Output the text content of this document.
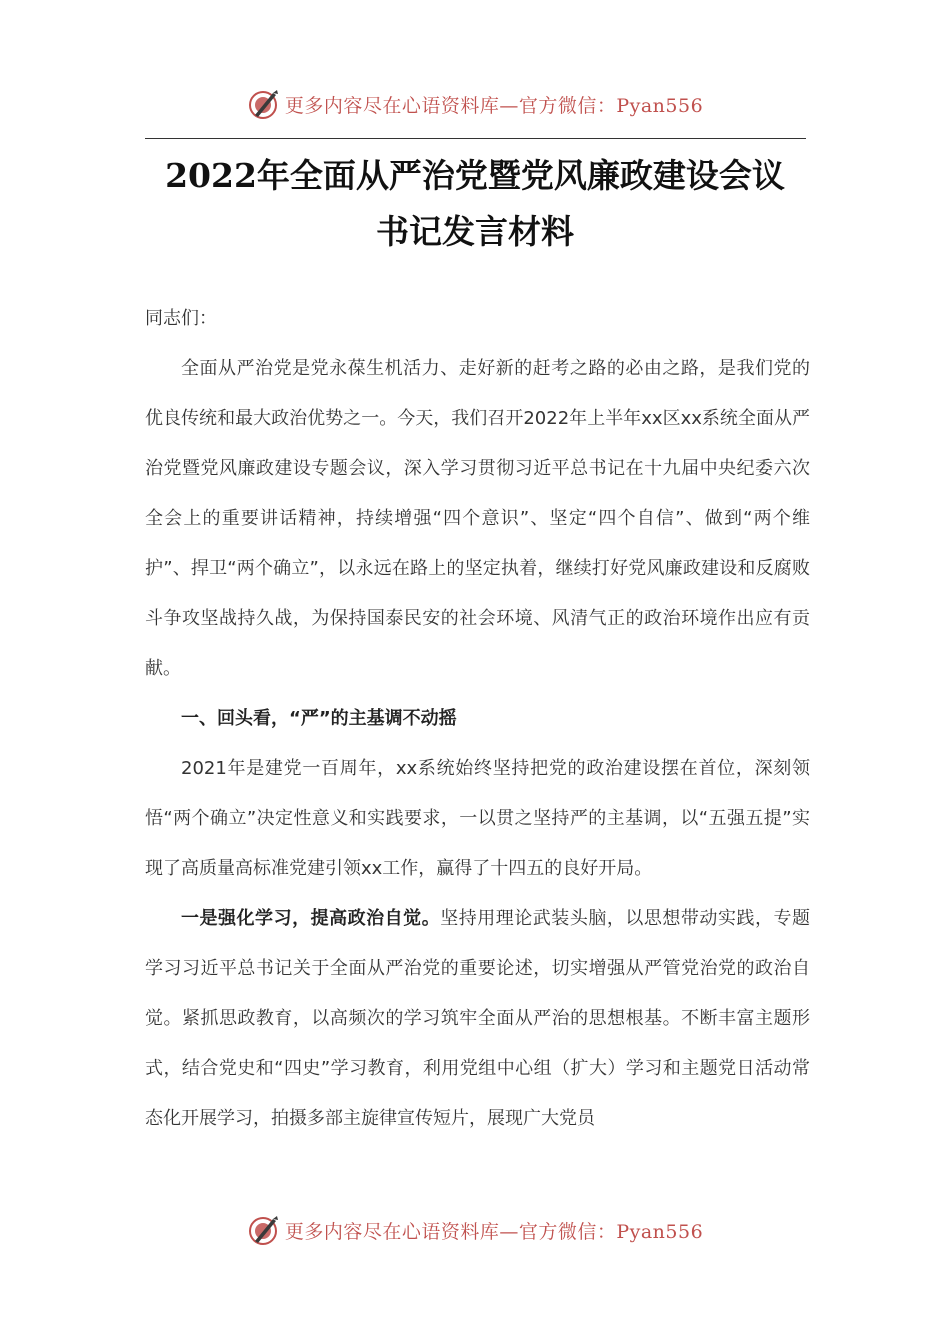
更多内容尽在心语资料库—官方微信：Pyan556
2022年全面从严治党暨党风廉政建设会议
书记发言材料

同志们：

全面从严治党是党永葆生机活力、走好新的赶考之路的必由之路，是我们党的优良传统和最大政治优势之一。今天，我们召开2022年上半年xx区xx系统全面从严治党暨党风廉政建设专题会议，深入学习贯彻习近平总书记在十九届中央纪委六次全会上的重要讲话精神，持续增强“四个意识”、坚定“四个自信”、做到“两个维护”、捍卫“两个确立”，以永远在路上的坚定执着，继续打好党风廉政建设和反腐败斗争攻坚战持久战，为保持国泰民安的社会环境、风清气正的政治环境作出应有贡献。

一、回头看，“严”的主基调不动摇

2021年是建党一百周年，xx系统始终坚持把党的政治建设摆在首位，深刻领悟“两个确立”决定性意义和实践要求，一以贯之坚持严的主基调，以“五强五提”实现了高质量高标准党建引领xx工作，赢得了十四五的良好开局。

一是强化学习，提高政治自觉。坚持用理论武装头脑，以思想带动实践，专题学习习近平总书记关于全面从严治党的重要论述，切实增强从严管党治党的政治自觉。紧抓思政教育，以高频次的学习筑牢全面从严治的思想根基。不断丰富主题形式，结合党史和“四史”学习教育，利用党组中心组（扩大）学习和主题党日活动常态化开展学习，拍摄多部主旋律宣传短片，展现广大党员

更多内容尽在心语资料库—官方微信：Pyan556
